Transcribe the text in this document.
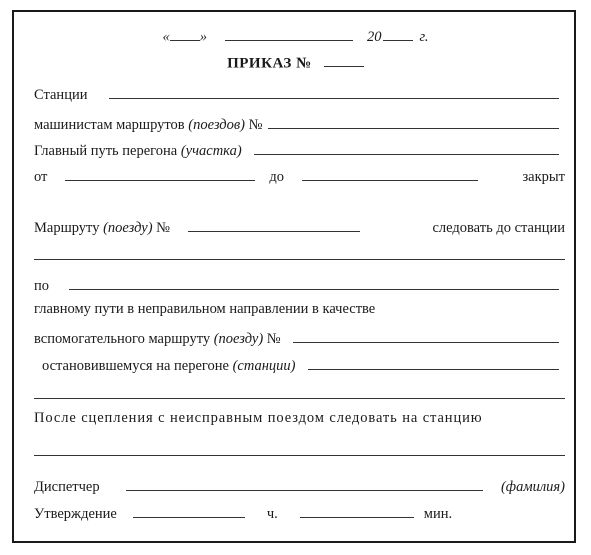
« »	20	г.
ПРИКАЗ №
Станции
машинистам маршрутов
(поездов)
№
Главный путь перегона
(участка)
от	до	закрыт
Маршруту
(поезду)
№	следовать до станции
по
главному пути в неправильном направлении в качестве
вспомогательного маршруту
(поезду)
№
остановившемуся на перегоне
(станции)
После сцепления с неисправным поездом следовать на станцию
Диспетчер	(фамилия)
Утверждение	ч.	мин.
